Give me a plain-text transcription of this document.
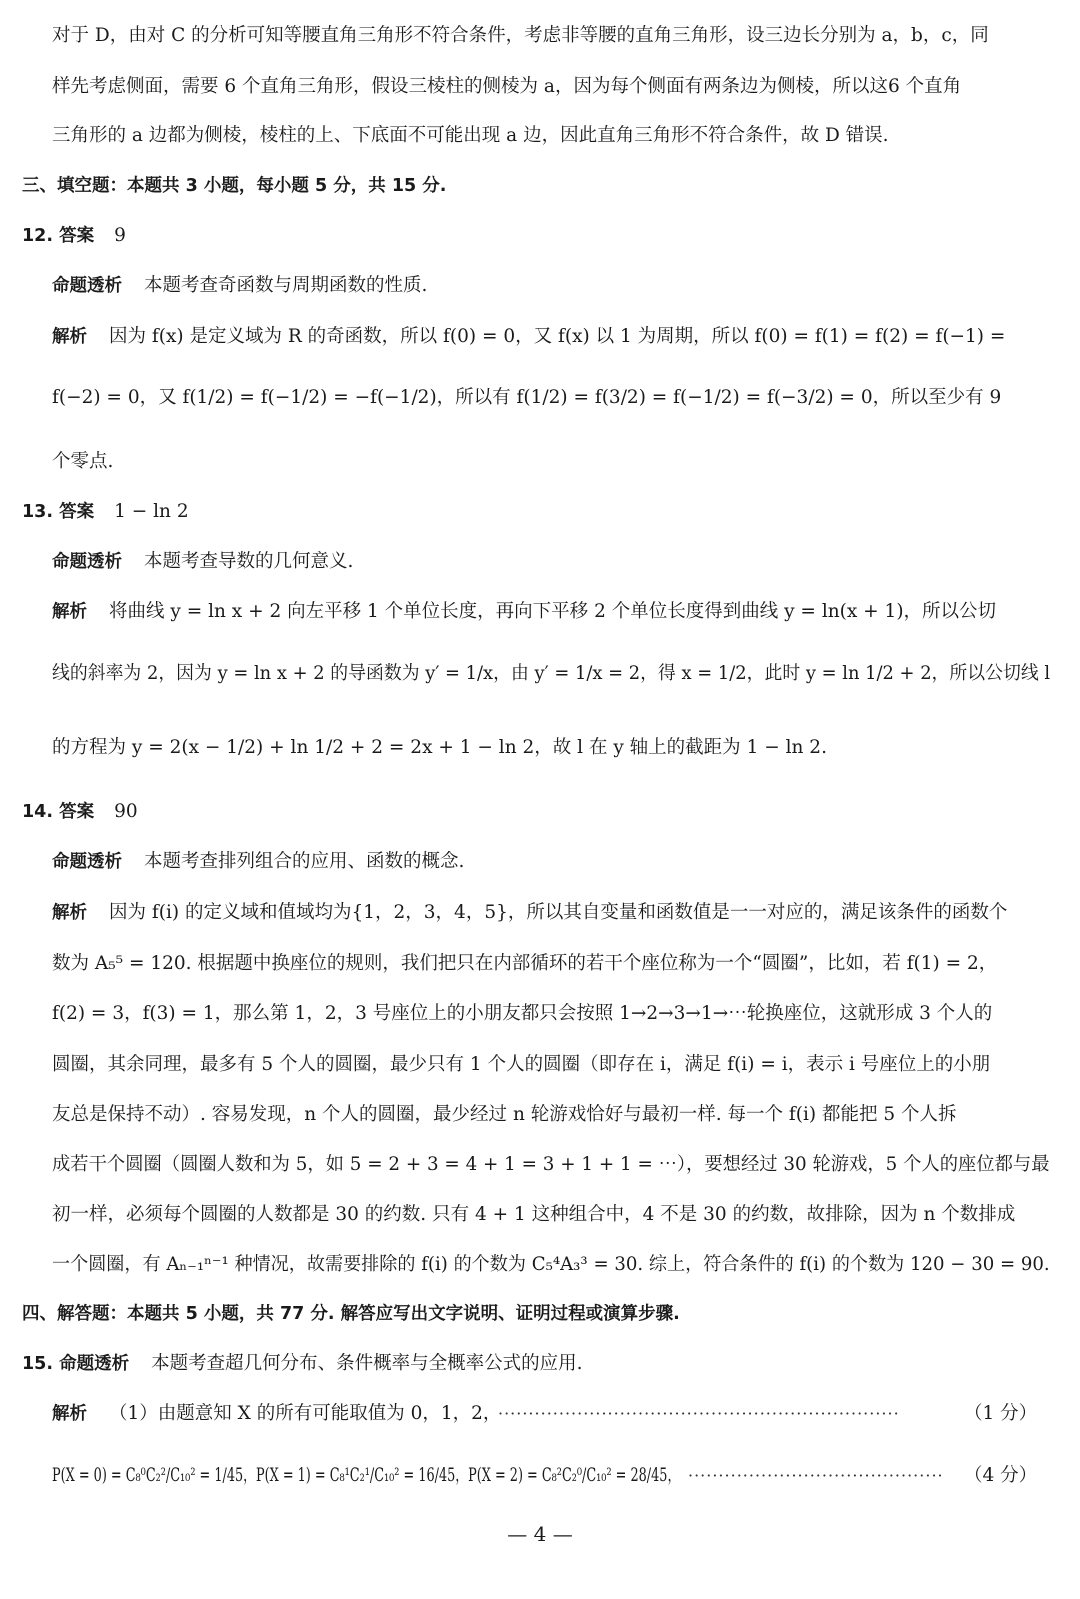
对于 D，由对 C 的分析可知等腰直角三角形不符合条件，考虑非等腰的直角三角形，设三边长分别为 a，b，c，同
样先考虑侧面，需要 6 个直角三角形，假设三棱柱的侧棱为 a，因为每个侧面有两条边为侧棱，所以这6 个直角
三角形的 a 边都为侧棱，棱柱的上、下底面不可能出现 a 边，因此直角三角形不符合条件，故 D 错误.
三、填空题：本题共 3 小题，每小题 5 分，共 15 分.
12. 答案 9
命题透析 本题考查奇函数与周期函数的性质.
解析 因为 f(x) 是定义域为 R 的奇函数，所以 f(0) = 0，又 f(x) 以 1 为周期，所以 f(0) = f(1) = f(2) = f(−1) =
f(−2) = 0，又 f(1/2) = f(−1/2) = −f(−1/2)，所以有 f(1/2) = f(3/2) = f(−1/2) = f(−3/2) = 0，所以至少有 9
个零点.
13. 答案 1 − ln 2
命题透析 本题考查导数的几何意义.
解析 将曲线 y = ln x + 2 向左平移 1 个单位长度，再向下平移 2 个单位长度得到曲线 y = ln(x + 1)，所以公切
线的斜率为 2，因为 y = ln x + 2 的导函数为 y′ = 1/x，由 y′ = 1/x = 2，得 x = 1/2，此时 y = ln 1/2 + 2，所以公切线 l
的方程为 y = 2(x − 1/2) + ln 1/2 + 2 = 2x + 1 − ln 2，故 l 在 y 轴上的截距为 1 − ln 2.
14. 答案 90
命题透析 本题考查排列组合的应用、函数的概念.
解析 因为 f(i) 的定义域和值域均为{1，2，3，4，5}，所以其自变量和函数值是一一对应的，满足该条件的函数个
数为 A₅⁵ = 120. 根据题中换座位的规则，我们把只在内部循环的若干个座位称为一个“圆圈”，比如，若 f(1) = 2，
f(2) = 3，f(3) = 1，那么第 1，2，3 号座位上的小朋友都只会按照 1→2→3→1→⋯轮换座位，这就形成 3 个人的
圆圈，其余同理，最多有 5 个人的圆圈，最少只有 1 个人的圆圈（即存在 i，满足 f(i) = i，表示 i 号座位上的小朋
友总是保持不动）. 容易发现，n 个人的圆圈，最少经过 n 轮游戏恰好与最初一样. 每一个 f(i) 都能把 5 个人拆
成若干个圆圈（圆圈人数和为 5，如 5 = 2 + 3 = 4 + 1 = 3 + 1 + 1 = ⋯），要想经过 30 轮游戏，5 个人的座位都与最
初一样，必须每个圆圈的人数都是 30 的约数. 只有 4 + 1 这种组合中，4 不是 30 的约数，故排除，因为 n 个数排成
一个圆圈，有 Aₙ₋₁ⁿ⁻¹ 种情况，故需要排除的 f(i) 的个数为 C₅⁴A₃³ = 30. 综上，符合条件的 f(i) 的个数为 120 − 30 = 90.
四、解答题：本题共 5 小题，共 77 分. 解答应写出文字说明、证明过程或演算步骤.
15. 命题透析 本题考查超几何分布、条件概率与全概率公式的应用.
解析 （1）由题意知 X 的所有可能取值为 0，1，2，
··································································	（1 分）
P(X = 0) = C₈⁰C₂²/C₁₀² = 1/45，P(X = 1) = C₈¹C₂¹/C₁₀² = 16/45，P(X = 2) = C₈²C₂⁰/C₁₀² = 28/45， ··········································	（4 分）
— 4 —
